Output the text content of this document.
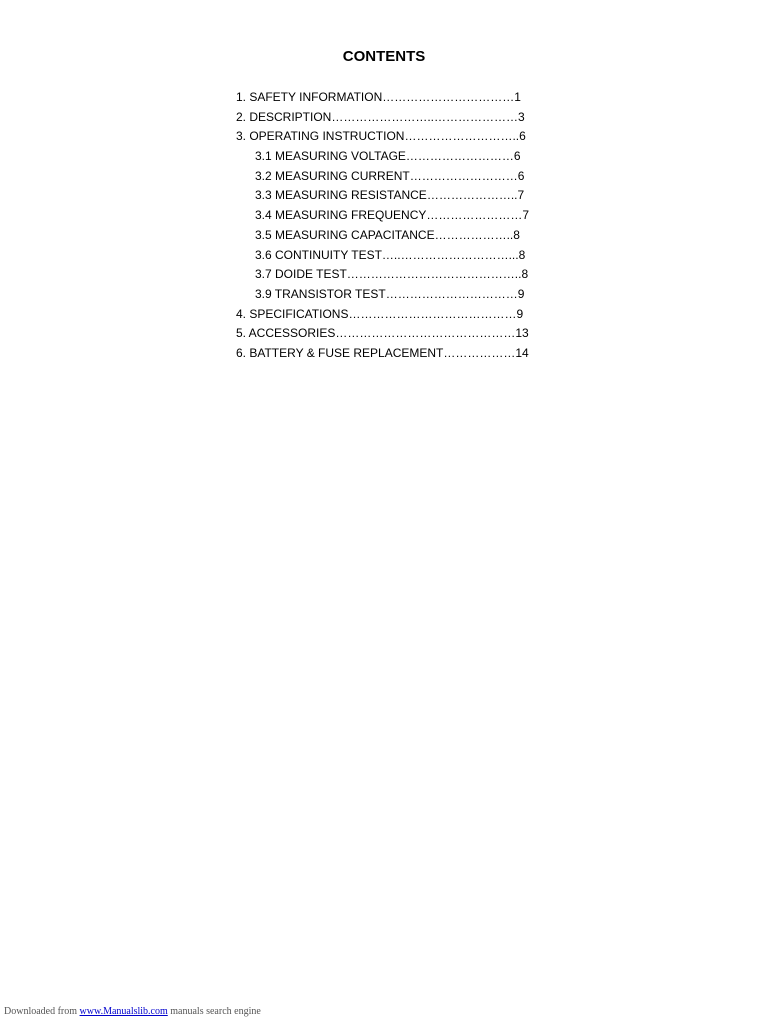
CONTENTS
1. SAFETY INFORMATION……………………………1
2. DESCRIPTION……………………..…………………3
3. OPERATING INSTRUCTION………………………..6
3.1 MEASURING VOLTAGE………………………6
3.2 MEASURING CURRENT………………………6
3.3 MEASURING RESISTANCE…………………..7
3.4 MEASURING FREQUENCY……………………7
3.5 MEASURING CAPACITANCE………………..8
3.6 CONTINUITY TEST…..………………………...8
3.7 DOIDE TEST……………………………………..8
3.9 TRANSISTOR TEST……………………………9
4. SPECIFICATIONS……………………………………9
5. ACCESSORIES………………………………………13
6. BATTERY & FUSE REPLACEMENT………………14
Downloaded from www.Manualslib.com manuals search engine
